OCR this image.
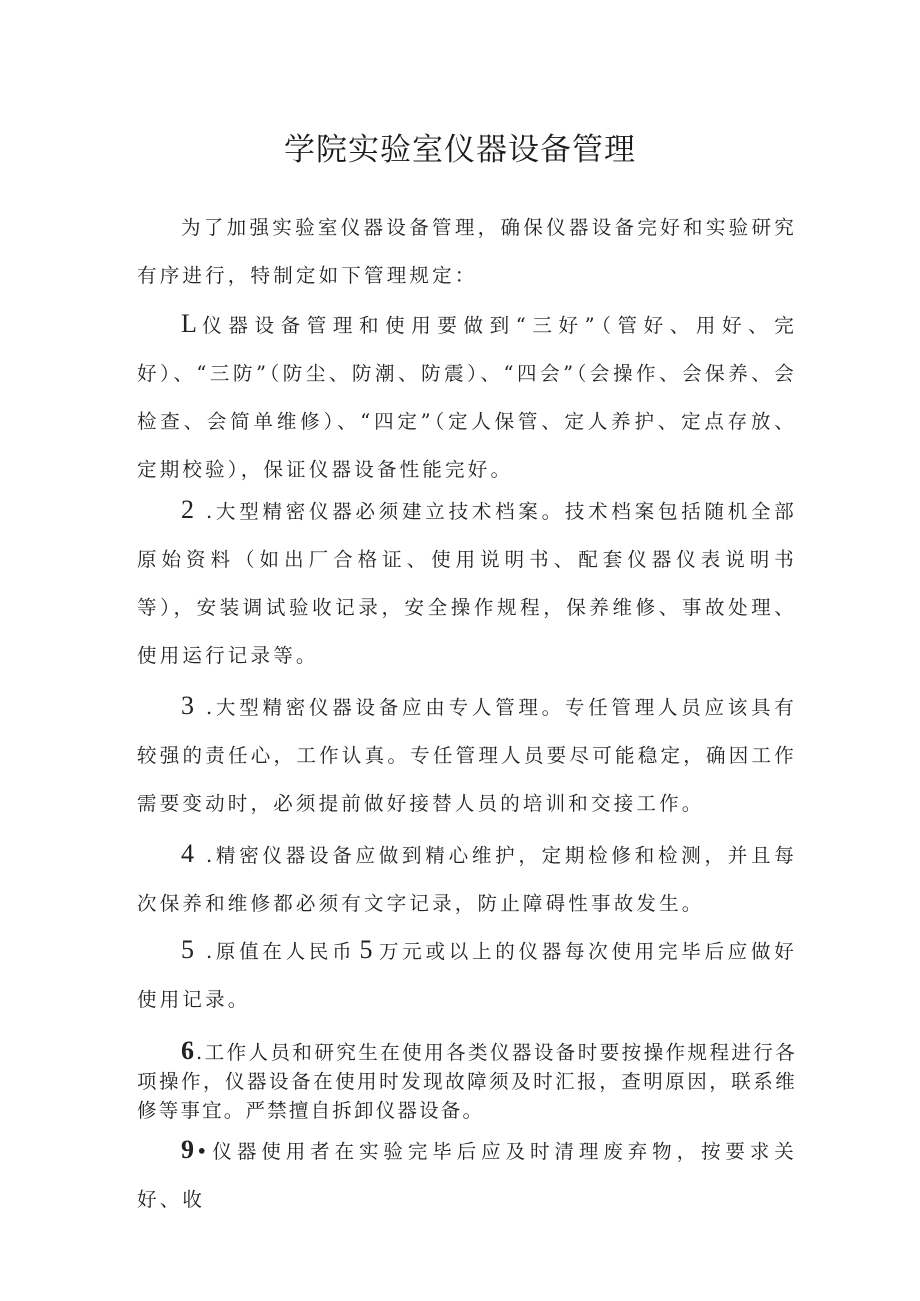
学院实验室仪器设备管理

为了加强实验室仪器设备管理，确保仪器设备完好和实验研究有序进行，特制定如下管理规定：

L仪器设备管理和使用要做到“三好”（管好、用好、完好）、“三防”（防尘、防潮、防震）、“四会”（会操作、会保养、会检查、会简单维修）、“四定”（定人保管、定人养护、定点存放、定期校验），保证仪器设备性能完好。

2 .大型精密仪器必须建立技术档案。技术档案包括随机全部原始资料（如出厂合格证、使用说明书、配套仪器仪表说明书等），安装调试验收记录，安全操作规程，保养维修、事故处理、使用运行记录等。

3 .大型精密仪器设备应由专人管理。专任管理人员应该具有较强的责任心，工作认真。专任管理人员要尽可能稳定，确因工作需要变动时，必须提前做好接替人员的培训和交接工作。

4 .精密仪器设备应做到精心维护，定期检修和检测，并且每次保养和维修都必须有文字记录，防止障碍性事故发生。

5 .原值在人民币 5 万元或以上的仪器每次使用完毕后应做好使用记录。

6.工作人员和研究生在使用各类仪器设备时要按操作规程进行各项操作，仪器设备在使用时发现故障须及时汇报，查明原因，联系维修等事宜。严禁擅自拆卸仪器设备。

9•仪器使用者在实验完毕后应及时清理废弃物，按要求关好、收
